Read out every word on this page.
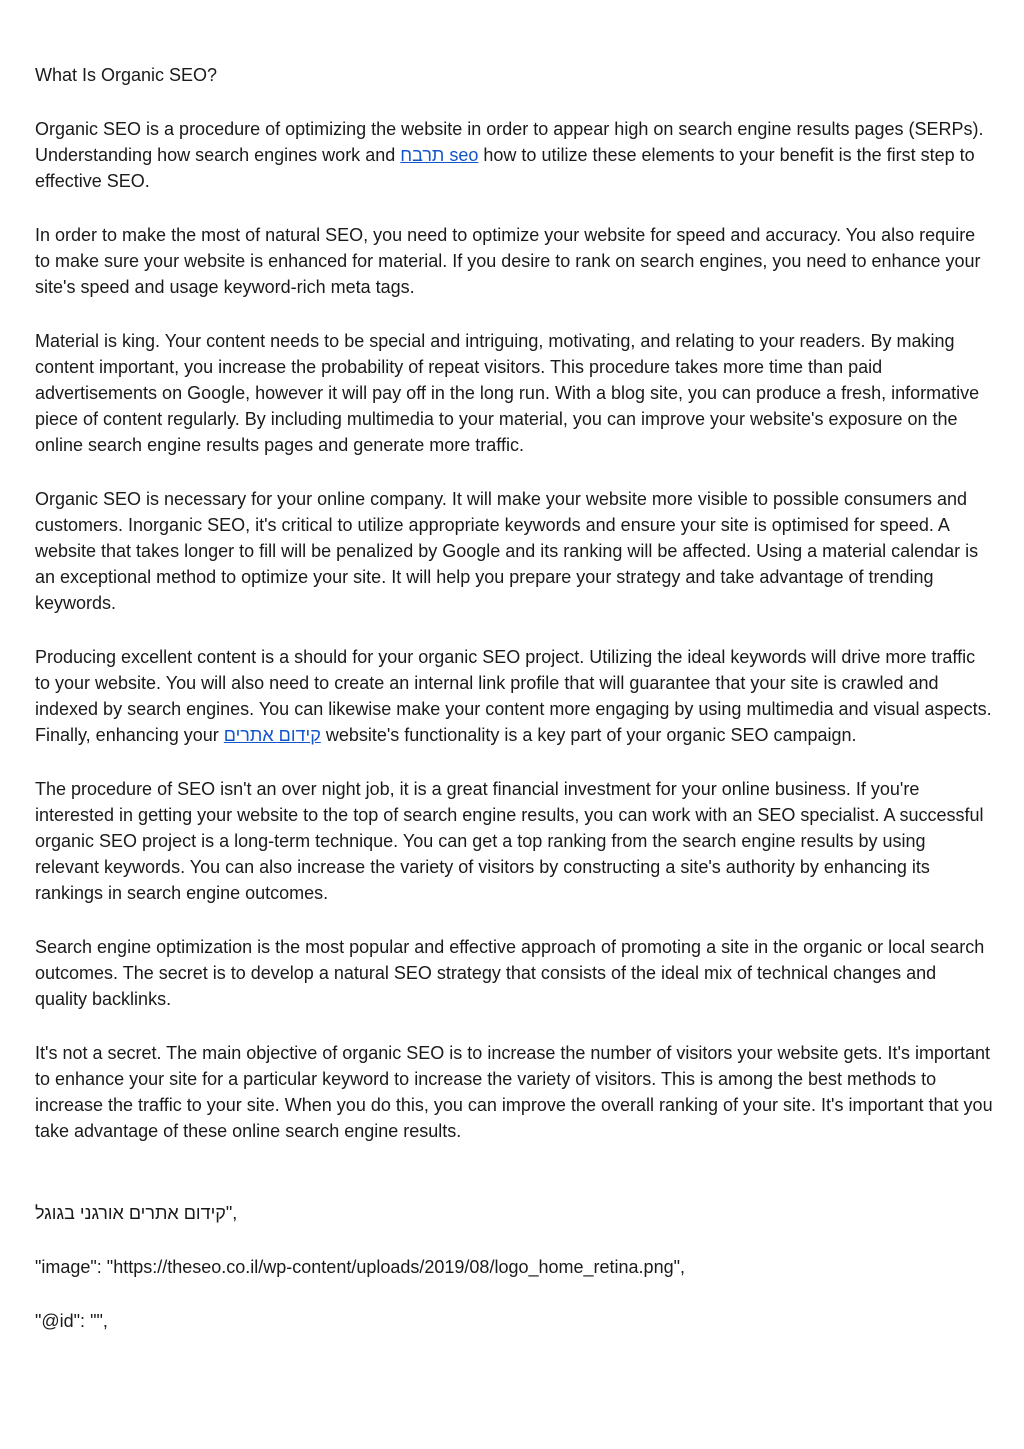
What Is Organic SEO?

Organic SEO is a procedure of optimizing the website in order to appear high on search engine results pages (SERPs). Understanding how search engines work and תרבח seo how to utilize these elements to your benefit is the first step to effective SEO.

In order to make the most of natural SEO, you need to optimize your website for speed and accuracy. You also require to make sure your website is enhanced for material. If you desire to rank on search engines, you need to enhance your site's speed and usage keyword-rich meta tags.

Material is king. Your content needs to be special and intriguing, motivating, and relating to your readers. By making content important, you increase the probability of repeat visitors. This procedure takes more time than paid advertisements on Google, however it will pay off in the long run. With a blog site, you can produce a fresh, informative piece of content regularly. By including multimedia to your material, you can improve your website's exposure on the online search engine results pages and generate more traffic.

Organic SEO is necessary for your online company. It will make your website more visible to possible consumers and customers. Inorganic SEO, it's critical to utilize appropriate keywords and ensure your site is optimised for speed. A website that takes longer to fill will be penalized by Google and its ranking will be affected. Using a material calendar is an exceptional method to optimize your site. It will help you prepare your strategy and take advantage of trending keywords.

Producing excellent content is a should for your organic SEO project. Utilizing the ideal keywords will drive more traffic to your website. You will also need to create an internal link profile that will guarantee that your site is crawled and indexed by search engines. You can likewise make your content more engaging by using multimedia and visual aspects. Finally, enhancing your קידום אתרים website's functionality is a key part of your organic SEO campaign.

The procedure of SEO isn't an over night job, it is a great financial investment for your online business. If you're interested in getting your website to the top of search engine results, you can work with an SEO specialist. A successful organic SEO project is a long-term technique. You can get a top ranking from the search engine results by using relevant keywords. You can also increase the variety of visitors by constructing a site's authority by enhancing its rankings in search engine outcomes.

Search engine optimization is the most popular and effective approach of promoting a site in the organic or local search outcomes. The secret is to develop a natural SEO strategy that consists of the ideal mix of technical changes and quality backlinks.

It's not a secret. The main objective of organic SEO is to increase the number of visitors your website gets. It's important to enhance your site for a particular keyword to increase the variety of visitors. This is among the best methods to increase the traffic to your site. When you do this, you can improve the overall ranking of your site. It's important that you take advantage of these online search engine results.

קידום אתרים אורגני בגוגל",

"image": "https://theseo.co.il/wp-content/uploads/2019/08/logo_home_retina.png",

"@id": "",
